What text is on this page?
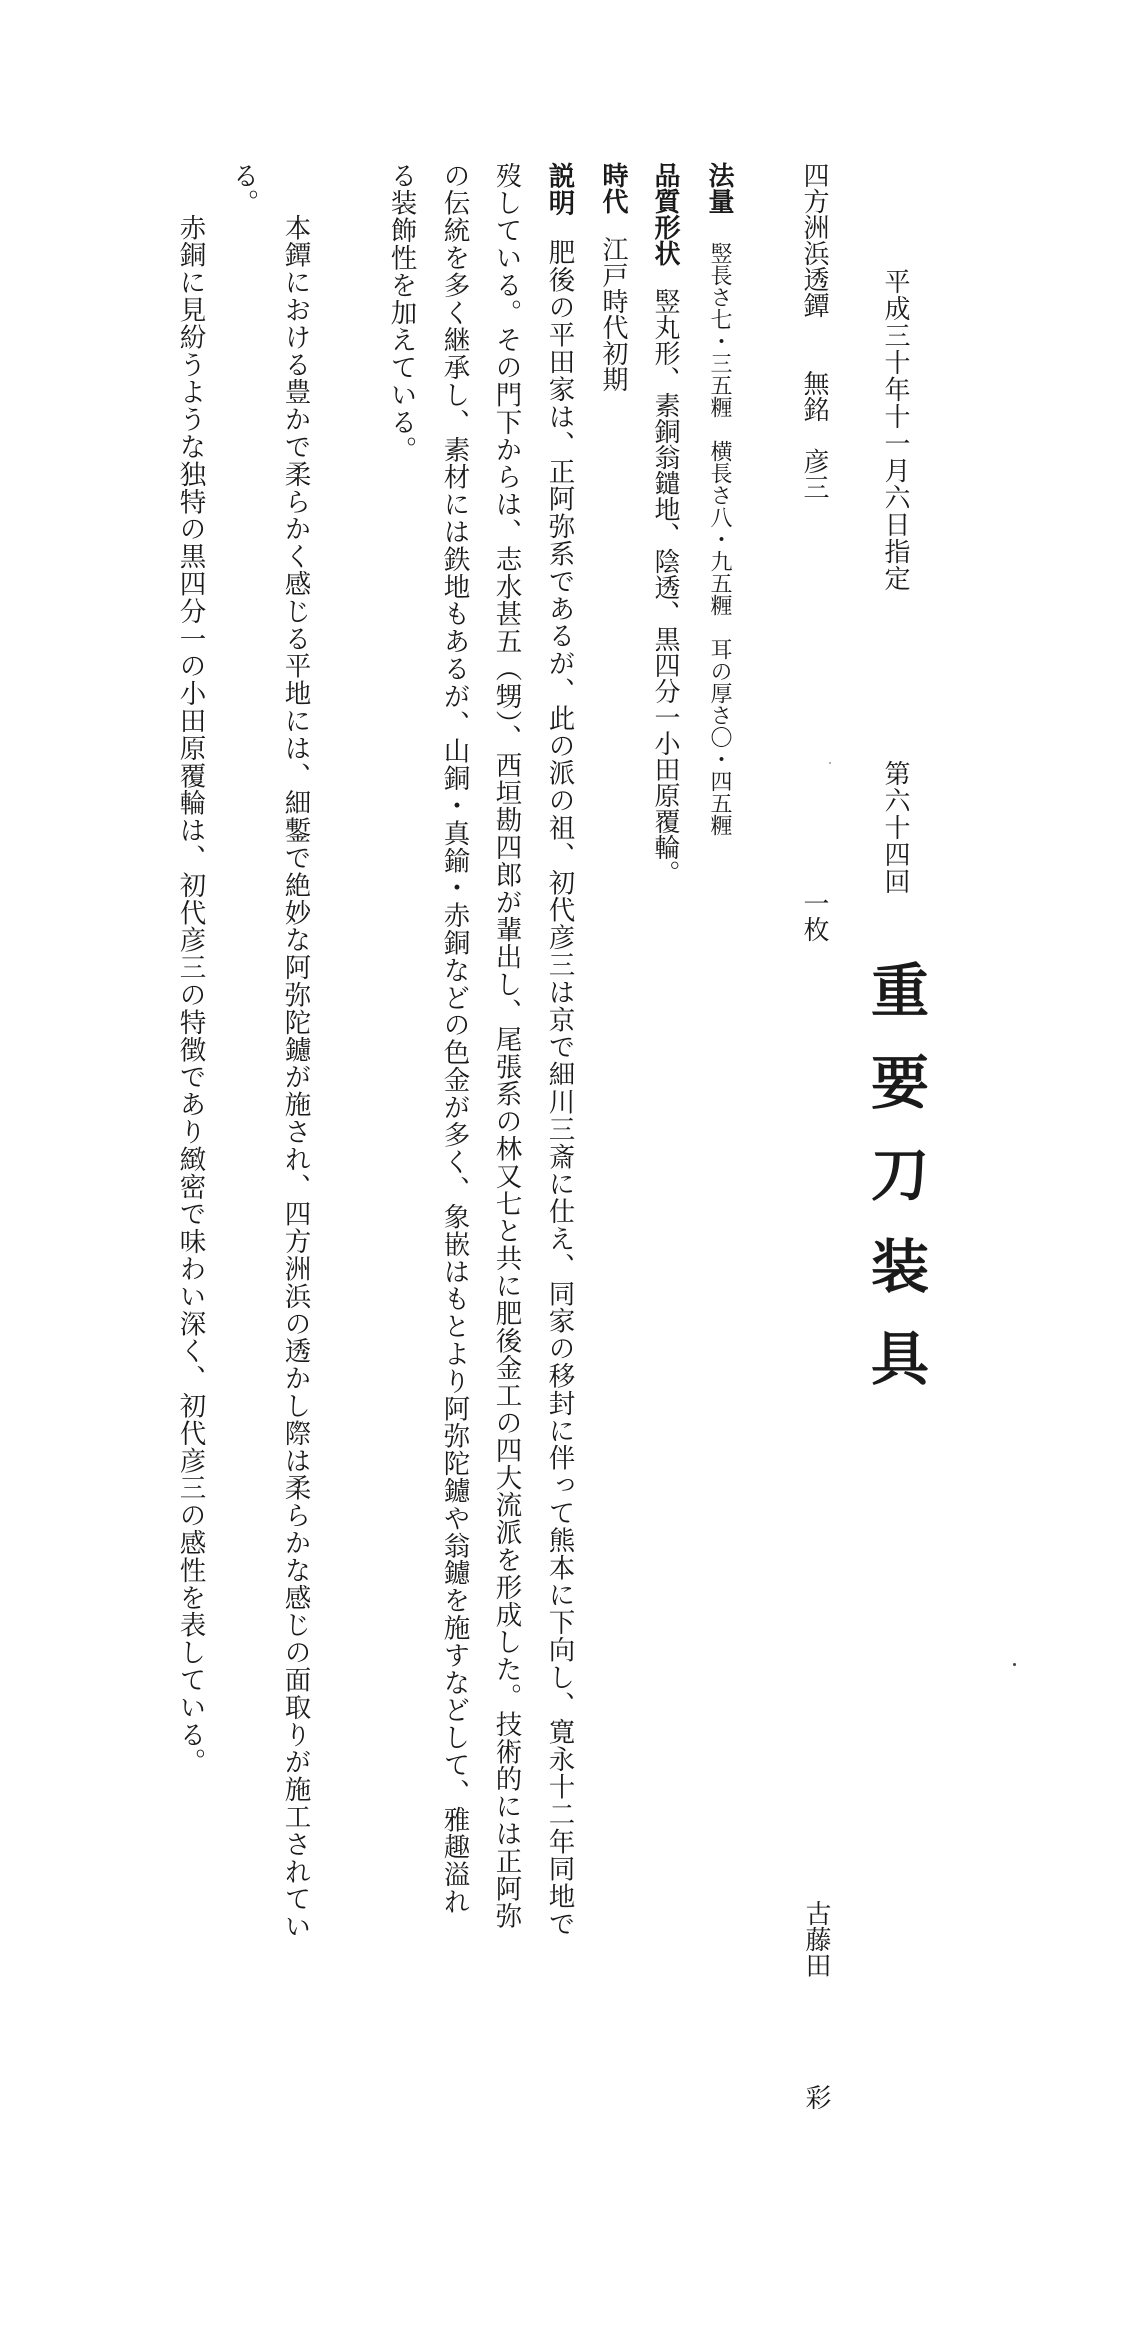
平成三十年十一月六日指定
第六十四回
重要刀装具
古藤田彩
四方洲浜透鐔
無銘　彦三
一枚
法量竪長さ七・三五糎　横長さ八・九五糎　耳の厚さ〇・四五糎
品質形状竪丸形、素銅翁鑓地、陰透、黒四分一小田原覆輪。
時代江戸時代初期
説明肥後の平田家は、正阿弥系であるが、此の派の祖、初代彦三は京で細川三斎に仕え、同家の移封に伴って熊本に下向し、寛永十二年同地で
歿している。その門下からは、志水甚五（甥）、西垣勘四郎が輩出し、尾張系の林又七と共に肥後金工の四大流派を形成した。技術的には正阿弥
の伝統を多く継承し、素材には鉄地もあるが、山銅・真鍮・赤銅などの色金が多く、象嵌はもとより阿弥陀鑢や翁鑢を施すなどして、雅趣溢れ
る装飾性を加えている。
本鐔における豊かで柔らかく感じる平地には、細鏨で絶妙な阿弥陀鑢が施され、四方洲浜の透かし際は柔らかな感じの面取りが施工されてい
る。
赤銅に見紛うような独特の黒四分一の小田原覆輪は、初代彦三の特徴であり緻密で味わい深く、初代彦三の感性を表している。
